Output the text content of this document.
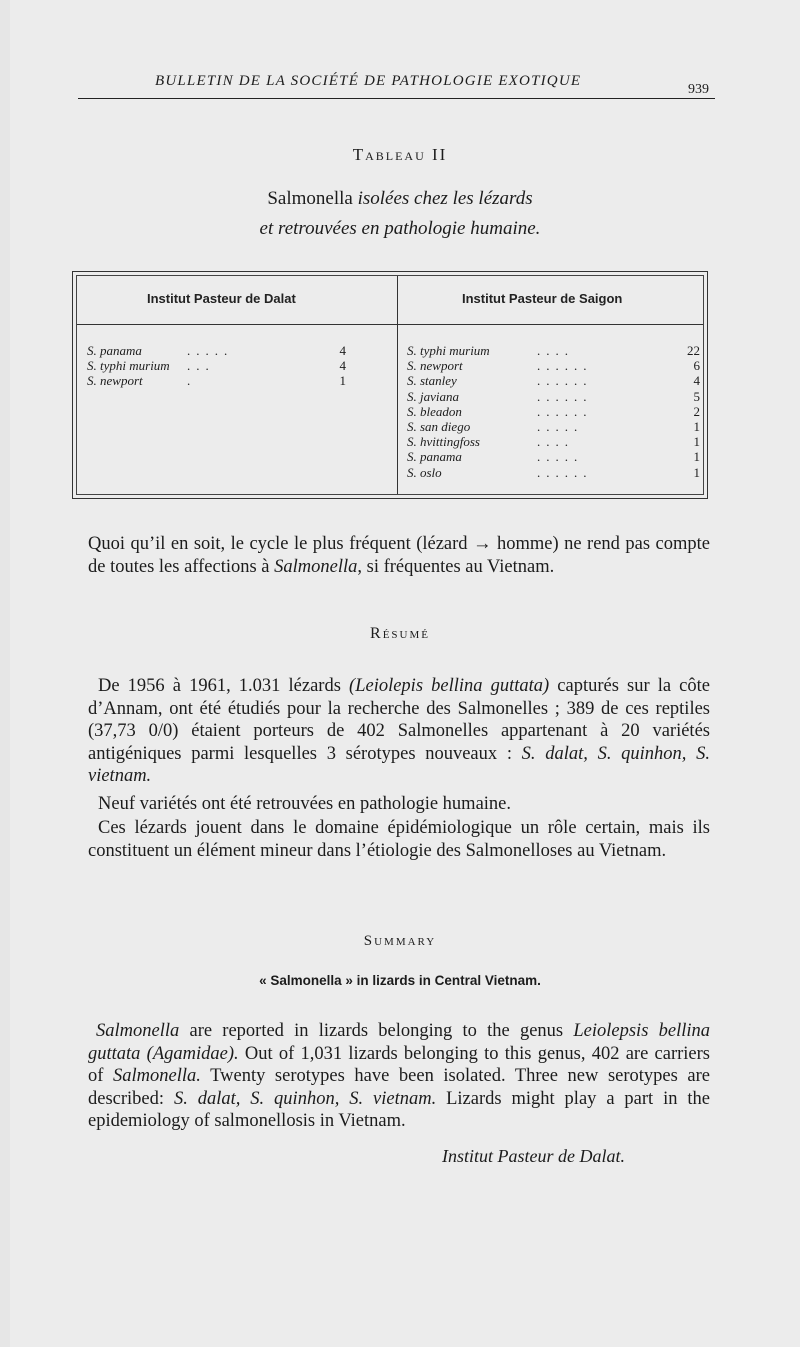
BULLETIN DE LA SOCIÉTÉ DE PATHOLOGIE EXOTIQUE
939
Tableau II
Salmonella isolées chez les lézards
et retrouvées en pathologie humaine.
Institut Pasteur de Dalat	Institut Pasteur de Saigon
S. panama	.....	4
S. typhi murium ...	4
S. newport	.	1
S. typhi murium	....	22
S. newport	......	6
S. stanley	......	4
S. javiana	......	5
S. bleadon	......	2
S. san diego	.....	1
S. hvittingfoss	....	1
S. panama	.....	1
S. oslo	......	1
Quoi qu’il en soit, le cycle le plus fréquent (lézard → homme) ne rend pas compte de toutes les affections à Salmonella, si fréquentes au Vietnam.
Résumé
De 1956 à 1961, 1.031 lézards (Leiolepis bellina guttata) capturés sur la côte d’Annam, ont été étudiés pour la recherche des Salmonelles ; 389 de ces reptiles (37,73 0/0) étaient porteurs de 402 Salmonelles appartenant à 20 variétés antigéniques parmi lesquelles 3 sérotypes nouveaux : S. dalat, S. quinhon, S. vietnam.
Neuf variétés ont été retrouvées en pathologie humaine.
Ces lézards jouent dans le domaine épidémiologique un rôle certain, mais ils constituent un élément mineur dans l’étiologie des Salmonelloses au Vietnam.
Summary
« Salmonella » in lizards in Central Vietnam.
Salmonella are reported in lizards belonging to the genus Leiolepsis bellina guttata (Agamidae). Out of 1,031 lizards belonging to this genus, 402 are carriers of Salmonella. Twenty serotypes have been isolated. Three new serotypes are described: S. dalat, S. quinhon, S. vietnam. Lizards might play a part in the epidemiology of salmonellosis in Vietnam.
Institut Pasteur de Dalat.
